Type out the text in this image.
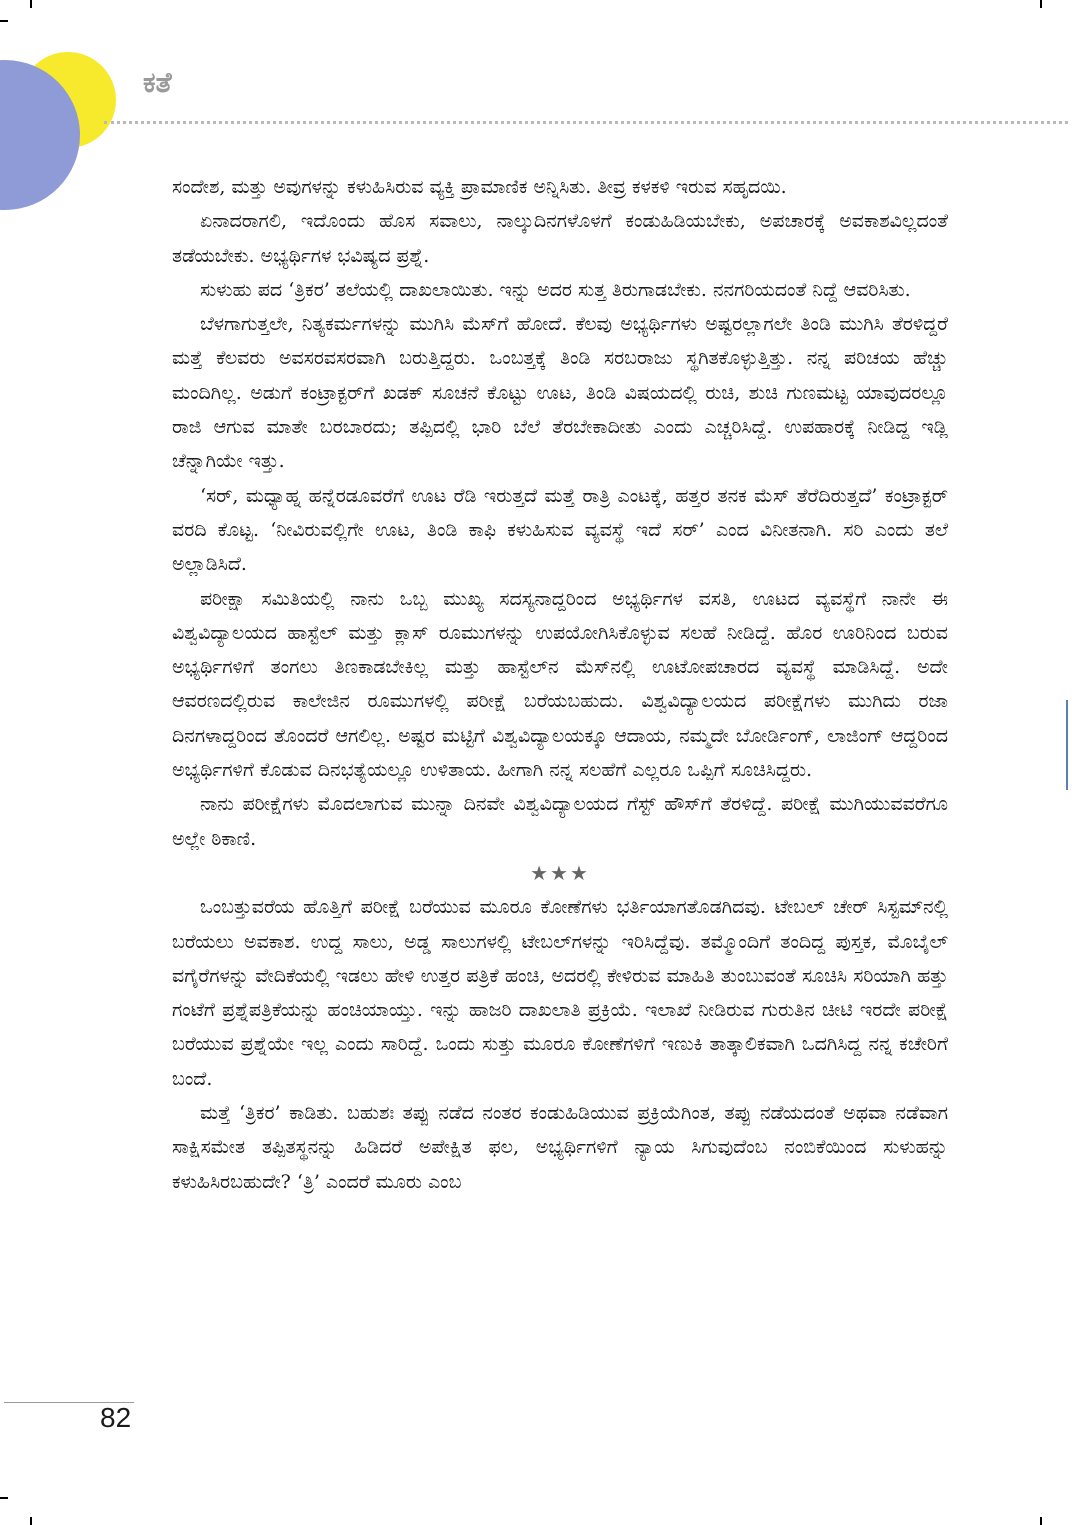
ಕತೆ

ಸಂದೇಶ, ಮತ್ತು ಅವುಗಳನ್ನು ಕಳುಹಿಸಿರುವ ವ್ಯಕ್ತಿ ಪ್ರಾಮಾಣಿಕ ಅನ್ನಿಸಿತು. ತೀವ್ರ ಕಳಕಳಿ ಇರುವ ಸಹೃದಯಿ.

ಏನಾದರಾಗಲಿ, ಇದೊಂದು ಹೊಸ ಸವಾಲು, ನಾಲ್ಕುದಿನಗಳೊಳಗೆ ಕಂಡುಹಿಡಿಯಬೇಕು, ಅಪಚಾರಕ್ಕೆ ಅವಕಾಶವಿಲ್ಲದಂತೆ ತಡೆಯಬೇಕು. ಅಭ್ಯರ್ಥಿಗಳ ಭವಿಷ್ಯದ ಪ್ರಶ್ನೆ.

ಸುಳುಹು ಪದ ‘ತ್ರಿಕರ’ ತಲೆಯಲ್ಲಿ ದಾಖಲಾಯಿತು. ಇನ್ನು ಅದರ ಸುತ್ತ ತಿರುಗಾಡಬೇಕು. ನನಗರಿಯದಂತೆ ನಿದ್ದೆ ಆವರಿಸಿತು.

ಬೆಳಗಾಗುತ್ತಲೇ, ನಿತ್ಯಕರ್ಮಗಳನ್ನು ಮುಗಿಸಿ ಮೆಸ್‌ಗೆ ಹೋದೆ. ಕೆಲವು ಅಭ್ಯರ್ಥಿಗಳು ಅಷ್ಟರಲ್ಲಾಗಲೇ ತಿಂಡಿ ಮುಗಿಸಿ ತೆರಳಿದ್ದರೆ ಮತ್ತೆ ಕೆಲವರು ಅವಸರವಸರವಾಗಿ ಬರುತ್ತಿದ್ದರು. ಒಂಬತ್ತಕ್ಕೆ ತಿಂಡಿ ಸರಬರಾಜು ಸ್ಥಗಿತಕೊಳ್ಳುತ್ತಿತ್ತು. ನನ್ನ ಪರಿಚಯ ಹೆಚ್ಚು ಮಂದಿಗಿಲ್ಲ. ಅಡುಗೆ ಕಂಟ್ರಾಕ್ಟರ್‌ಗೆ ಖಡಕ್ ಸೂಚನೆ ಕೊಟ್ಟು ಊಟ, ತಿಂಡಿ ವಿಷಯದಲ್ಲಿ ರುಚಿ, ಶುಚಿ ಗುಣಮಟ್ಟ ಯಾವುದರಲ್ಲೂ ರಾಜಿ ಆಗುವ ಮಾತೇ ಬರಬಾರದು; ತಪ್ಪಿದಲ್ಲಿ ಭಾರಿ ಬೆಲೆ ತೆರಬೇಕಾದೀತು ಎಂದು ಎಚ್ಚರಿಸಿದ್ದೆ. ಉಪಹಾರಕ್ಕೆ ನೀಡಿದ್ದ ಇಡ್ಲಿ ಚೆನ್ನಾಗಿಯೇ ಇತ್ತು.

‘ಸರ್, ಮಧ್ಯಾಹ್ನ ಹನ್ನೆರಡೂವರೆಗೆ ಊಟ ರೆಡಿ ಇರುತ್ತದೆ ಮತ್ತೆ ರಾತ್ರಿ ಎಂಟಕ್ಕೆ, ಹತ್ತರ ತನಕ ಮೆಸ್ ತೆರೆದಿರುತ್ತದೆ’ ಕಂಟ್ರಾಕ್ಟರ್ ವರದಿ ಕೊಟ್ಟ. ‘ನೀವಿರುವಲ್ಲಿಗೇ ಊಟ, ತಿಂಡಿ ಕಾಫಿ ಕಳುಹಿಸುವ ವ್ಯವಸ್ಥೆ ಇದೆ ಸರ್’ ಎಂದ ವಿನೀತನಾಗಿ. ಸರಿ ಎಂದು ತಲೆ ಅಲ್ಲಾಡಿಸಿದೆ.

ಪರೀಕ್ಷಾ ಸಮಿತಿಯಲ್ಲಿ ನಾನು ಒಬ್ಬ ಮುಖ್ಯ ಸದಸ್ಯನಾದ್ದರಿಂದ ಅಭ್ಯರ್ಥಿಗಳ ವಸತಿ, ಊಟದ ವ್ಯವಸ್ಥೆಗೆ ನಾನೇ ಈ ವಿಶ್ವವಿದ್ಯಾಲಯದ ಹಾಸ್ಟೆಲ್ ಮತ್ತು ಕ್ಲಾಸ್ ರೂಮುಗಳನ್ನು ಉಪಯೋಗಿಸಿಕೊಳ್ಳುವ ಸಲಹೆ ನೀಡಿದ್ದೆ. ಹೊರ ಊರಿನಿಂದ ಬರುವ ಅಭ್ಯರ್ಥಿಗಳಿಗೆ ತಂಗಲು ತಿಣಕಾಡಬೇಕಿಲ್ಲ ಮತ್ತು ಹಾಸ್ಟೆಲ್‌ನ ಮೆಸ್‌ನಲ್ಲಿ ಊಟೋಪಚಾರದ ವ್ಯವಸ್ಥೆ ಮಾಡಿಸಿದ್ದೆ. ಅದೇ ಆವರಣದಲ್ಲಿರುವ ಕಾಲೇಜಿನ ರೂಮುಗಳಲ್ಲಿ ಪರೀಕ್ಷೆ ಬರೆಯಬಹುದು. ವಿಶ್ವವಿದ್ಯಾಲಯದ ಪರೀಕ್ಷೆಗಳು ಮುಗಿದು ರಜಾ ದಿನಗಳಾದ್ದರಿಂದ ತೊಂದರೆ ಆಗಲಿಲ್ಲ. ಅಷ್ಟರ ಮಟ್ಟಿಗೆ ವಿಶ್ವವಿದ್ಯಾಲಯಕ್ಕೂ ಆದಾಯ, ನಮ್ಮದೇ ಬೋರ್ಡಿಂಗ್, ಲಾಜಿಂಗ್ ಆದ್ದರಿಂದ ಅಭ್ಯರ್ಥಿಗಳಿಗೆ ಕೊಡುವ ದಿನಭತ್ಯೆಯಲ್ಲೂ ಉಳಿತಾಯ. ಹೀಗಾಗಿ ನನ್ನ ಸಲಹೆಗೆ ಎಲ್ಲರೂ ಒಪ್ಪಿಗೆ ಸೂಚಿಸಿದ್ದರು.

ನಾನು ಪರೀಕ್ಷೆಗಳು ಮೊದಲಾಗುವ ಮುನ್ನಾ ದಿನವೇ ವಿಶ್ವವಿದ್ಯಾಲಯದ ಗೆಸ್ಟ್ ಹೌಸ್‌ಗೆ ತೆರಳಿದ್ದೆ. ಪರೀಕ್ಷೆ ಮುಗಿಯುವವರೆಗೂ ಅಲ್ಲೇ ಠಿಕಾಣಿ.

★★★

ಒಂಬತ್ತುವರೆಯ ಹೊತ್ತಿಗೆ ಪರೀಕ್ಷೆ ಬರೆಯುವ ಮೂರೂ ಕೋಣೆಗಳು ಭರ್ತಿಯಾಗತೊಡಗಿದವು. ಟೇಬಲ್ ಚೇರ್ ಸಿಸ್ಟಮ್‌ನಲ್ಲಿ ಬರೆಯಲು ಅವಕಾಶ. ಉದ್ದ ಸಾಲು, ಅಡ್ಡ ಸಾಲುಗಳಲ್ಲಿ ಟೇಬಲ್‌ಗಳನ್ನು ಇರಿಸಿದ್ದೆವು. ತಮ್ಮೊಂದಿಗೆ ತಂದಿದ್ದ ಪುಸ್ತಕ, ಮೊಬೈಲ್ ವಗೈರೆಗಳನ್ನು ವೇದಿಕೆಯಲ್ಲಿ ಇಡಲು ಹೇಳಿ ಉತ್ತರ ಪತ್ರಿಕೆ ಹಂಚಿ, ಅದರಲ್ಲಿ ಕೇಳಿರುವ ಮಾಹಿತಿ ತುಂಬುವಂತೆ ಸೂಚಿಸಿ ಸರಿಯಾಗಿ ಹತ್ತು ಗಂಟೆಗೆ ಪ್ರಶ್ನೆಪತ್ರಿಕೆಯನ್ನು ಹಂಚಿಯಾಯ್ತು. ಇನ್ನು ಹಾಜರಿ ದಾಖಲಾತಿ ಪ್ರಕ್ರಿಯೆ. ಇಲಾಖೆ ನೀಡಿರುವ ಗುರುತಿನ ಚೀಟಿ ಇರದೇ ಪರೀಕ್ಷೆ ಬರೆಯುವ ಪ್ರಶ್ನೆಯೇ ಇಲ್ಲ ಎಂದು ಸಾರಿದ್ದೆ. ಒಂದು ಸುತ್ತು ಮೂರೂ ಕೋಣೆಗಳಿಗೆ ಇಣುಕಿ ತಾತ್ಕಾಲಿಕವಾಗಿ ಒದಗಿಸಿದ್ದ ನನ್ನ ಕಚೇರಿಗೆ ಬಂದೆ.

ಮತ್ತೆ ‘ತ್ರಿಕರ’ ಕಾಡಿತು. ಬಹುಶಃ ತಪ್ಪು ನಡೆದ ನಂತರ ಕಂಡುಹಿಡಿಯುವ ಪ್ರಕ್ರಿಯೆಗಿಂತ, ತಪ್ಪು ನಡೆಯದಂತೆ ಅಥವಾ ನಡೆವಾಗ ಸಾಕ್ಷಿಸಮೇತ ತಪ್ಪಿತಸ್ಥನನ್ನು ಹಿಡಿದರೆ ಅಪೇಕ್ಷಿತ ಫಲ, ಅಭ್ಯರ್ಥಿಗಳಿಗೆ ನ್ಯಾಯ ಸಿಗುವುದೆಂಬ ನಂಬಿಕೆಯಿಂದ ಸುಳುಹನ್ನು ಕಳುಹಿಸಿರಬಹುದೇ? ‘ತ್ರಿ’ ಎಂದರೆ ಮೂರು ಎಂಬ

82
